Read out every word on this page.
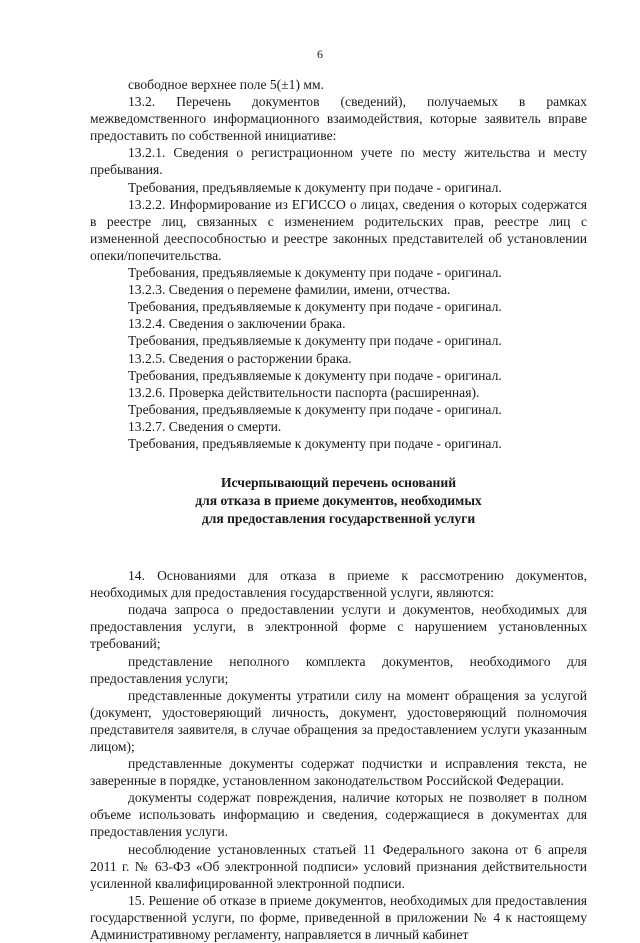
6

свободное верхнее поле 5(±1) мм.

13.2. Перечень документов (сведений), получаемых в рамках межведомственного информационного взаимодействия, которые заявитель вправе предоставить по собственной инициативе:

13.2.1. Сведения о регистрационном учете по месту жительства и месту пребывания.

Требования, предъявляемые к документу при подаче - оригинал.

13.2.2. Информирование из ЕГИССО о лицах, сведения о которых содержатся в реестре лиц, связанных с изменением родительских прав, реестре лиц с измененной дееспособностью и реестре законных представителей об установлении опеки/попечительства.

Требования, предъявляемые к документу при подаче - оригинал.

13.2.3. Сведения о перемене фамилии, имени, отчества.

Требования, предъявляемые к документу при подаче - оригинал.

13.2.4. Сведения о заключении брака.

Требования, предъявляемые к документу при подаче - оригинал.

13.2.5. Сведения о расторжении брака.

Требования, предъявляемые к документу при подаче - оригинал.

13.2.6. Проверка действительности паспорта (расширенная).

Требования, предъявляемые к документу при подаче - оригинал.

13.2.7. Сведения о смерти.

Требования, предъявляемые к документу при подаче - оригинал.

Исчерпывающий перечень оснований
для отказа в приеме документов, необходимых
для предоставления государственной услуги

14. Основаниями для отказа в приеме к рассмотрению документов, необходимых для предоставления государственной услуги, являются:

подача запроса о предоставлении услуги и документов, необходимых для предоставления услуги, в электронной форме с нарушением установленных требований;

представление неполного комплекта документов, необходимого для предоставления услуги;

представленные документы утратили силу на момент обращения за услугой (документ, удостоверяющий личность, документ, удостоверяющий полномочия представителя заявителя, в случае обращения за предоставлением услуги указанным лицом);

представленные документы содержат подчистки и исправления текста, не заверенные в порядке, установленном законодательством Российской Федерации.

документы содержат повреждения, наличие которых не позволяет в полном объеме использовать информацию и сведения, содержащиеся в документах для предоставления услуги.

несоблюдение установленных статьей 11 Федерального закона от 6 апреля 2011 г. № 63-ФЗ «Об электронной подписи» условий признания действительности усиленной квалифицированной электронной подписи.

15. Решение об отказе в приеме документов, необходимых для предоставления государственной услуги, по форме, приведенной в приложении № 4 к настоящему Административному регламенту, направляется в личный кабинет
